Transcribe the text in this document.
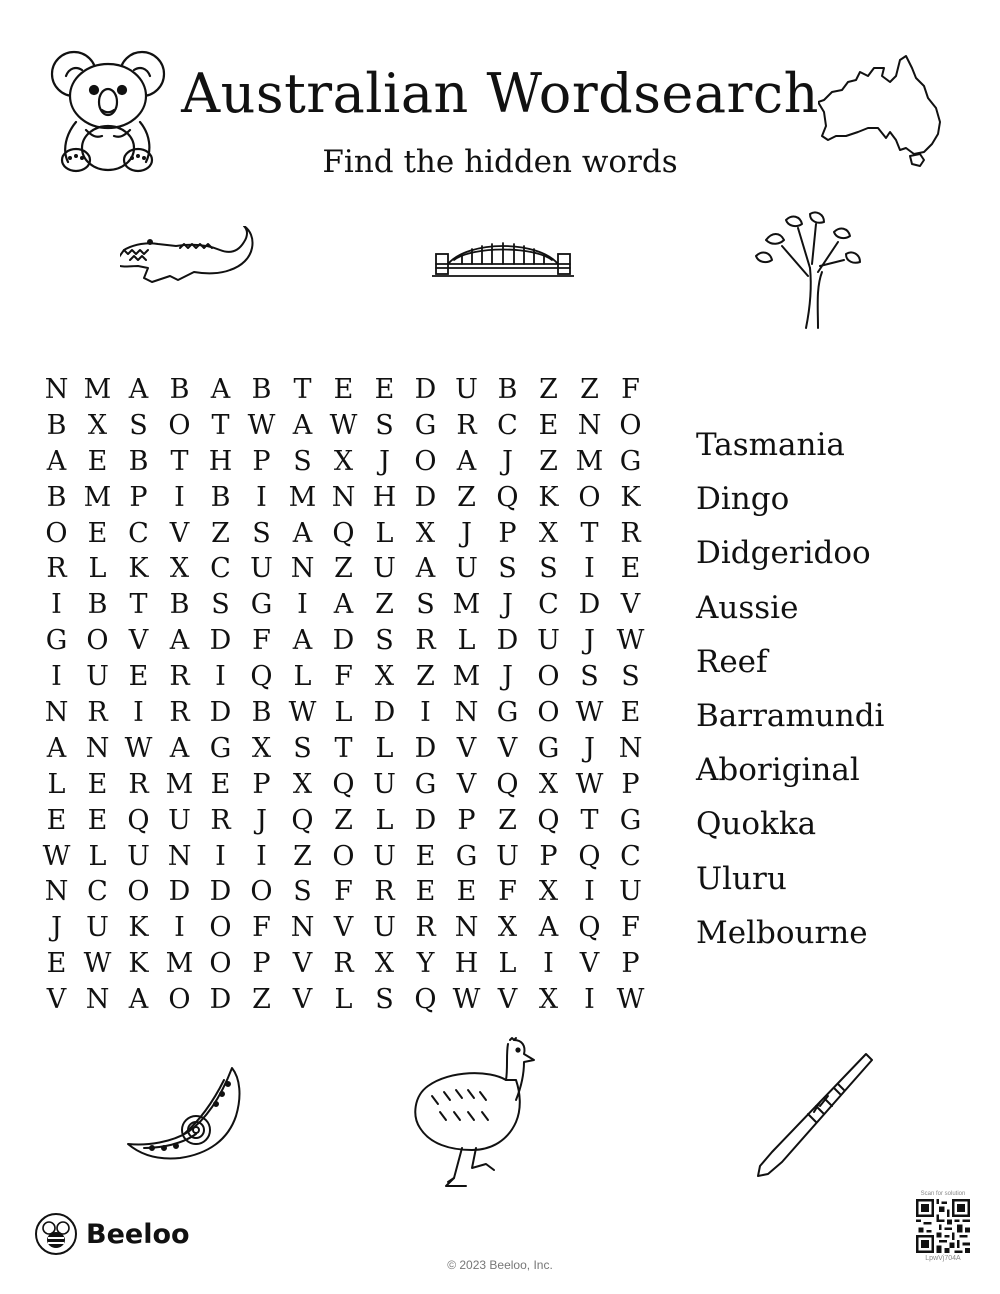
Australian Wordsearch
Find the hidden words
N M A B A B T E E D U B Z Z F
B X S O T W A W S G R C E N O
A E B T H P S X J O A J Z M G
B M P I B I M N H D Z Q K O K
O E C V Z S A Q L X J P X T R
R L K X C U N Z U A U S S I E
I B T B S G I A Z S M J C D V
G O V A D F A D S R L D U J W
I U E R I Q L F X Z M J O S S
N R I R D B W L D I N G O W E
A N W A G X S T L D V V G J N
L E R M E P X Q U G V Q X W P
E E Q U R J Q Z L D P Z Q T G
W L U N I	I Z O U E G U P Q C
N C O D D O S F R E E F X I U
J U K I O F N V U R N X A Q F
E W K M O P V R X Y H L I V P
V N A O D Z V L S Q W V X I W
Tasmania
Dingo
Didgeridoo
Aussie
Reef
Barramundi
Aboriginal
Quokka
Uluru
Melbourne
Beeloo
© 2023 Beeloo, Inc.
Scan for solution
LpwVj704A
